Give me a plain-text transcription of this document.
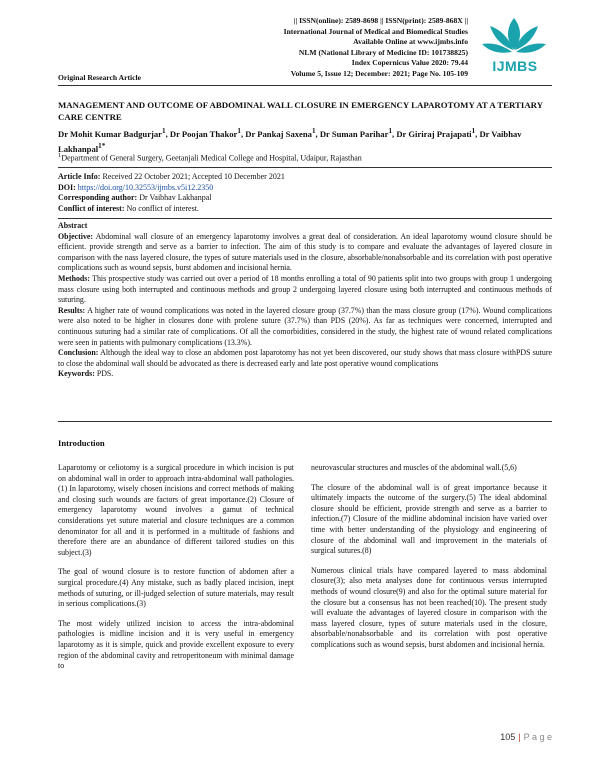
|| ISSN(online): 2589-8698 || ISSN(print): 2589-868X ||
International Journal of Medical and Biomedical Studies
Available Online at www.ijmbs.info
NLM (National Library of Medicine ID: 101738825)
Index Copernicus Value 2020: 79.44
Volume 5, Issue 12; December: 2021; Page No. 105-109	IJMBS
Original Research Article
MANAGEMENT AND OUTCOME OF ABDOMINAL WALL CLOSURE IN EMERGENCY LAPAROTOMY AT A TERTIARY CARE CENTRE
Dr Mohit Kumar Badgurjar$^1$, Dr Poojan Thakor$^1$, Dr Pankaj Saxena$^1$, Dr Suman Parihar$^1$, Dr Giriraj Prajapati$^1$, Dr Vaibhav Lakhanpal$^{1*}$
$^1$Department of General Surgery, Geetanjali Medical College and Hospital, Udaipur, Rajasthan
Article Info: Received 22 October 2021; Accepted 10 December 2021
DOI: https://doi.org/10.32553/ijmbs.v5i12.2350
Corresponding author: Dr Vaibhav Lakhanpal
Conflict of interest: No conflict of interest.

Abstract

Objective: Abdominal wall closure of an emergency laparotomy involves a great deal of consideration. An ideal laparotomy wound closure should be efficient. provide strength and serve as a barrier to infection. The aim of this study is to compare and evaluate the advantages of layered closure in comparison with the nass layered closure, the types of suture materials used in the closure, absorbable/nonabsorbable and its correlation with post operative complications such as wound sepsis, burst abdomen and incisional hernia.

Methods: This prospective study was carried out over a period of 18 months enrolling a total of 90 patients split into two groups with group 1 undergoing mass closure using both interrupted and continuous methods and group 2 undergoing layered closure using both interrupted and continuous methods of suturing.

Results: A higher rate of wound complications was noted in the layered closure group (37.7%) than the mass closure group (17%). Wound complications were also noted to be higher in closures done with prolene suture (37.7%) than PDS (20%). As far as techniques were concerned, interrupted and continuous suturing had a similar rate of complications. Of all the comorbidities, considered in the study, the highest rate of wound related complications were seen in patients with pulmonary complications (13.3%).

Conclusion: Although the ideal way to close an abdomen post laparotomy has not yet been discovered, our study shows that mass closure withPDS suture to close the abdominal wall should be advocated as there is decreased early and late post operative wound complications

Keywords: PDS.

Introduction

Laparotomy or celiotomy is a surgical procedure in which incision is put on abdominal wall in order to approach intra-abdominal wall pathologies.(1) In laparotomy, wisely chosen incisions and correct methods of making and closing such wounds are factors of great importance.(2) Closure of emergency laparotomy wound involves a gamut of technical considerations yet suture material and closure techniques are a common denominator for all and it is performed in a multitude of fashions and therefore there are an abundance of different tailored studies on this subject.(3)

The goal of wound closure is to restore function of abdomen after a surgical procedure.(4) Any mistake, such as badly placed incision, inept methods of suturing, or ill-judged selection of suture materials, may result in serious complications.(3)

The most widely utilized incision to access the intra-abdominal pathologies is midline incision and it is very useful in emergency laparotomy as it is simple, quick and provide excellent exposure to every region of the abdominal cavity and retroperitoneum with minimal damage to

neurovascular structures and muscles of the abdominal wall.(5,6)

The closure of the abdominal wall is of great importance because it ultimately impacts the outcome of the surgery.(5) The ideal abdominal closure should be efficient, provide strength and serve as a barrier to infection.(7) Closure of the midline abdominal incision have varied over time with better understanding of the physiology and engineering of closure of the abdominal wall and improvement in the materials of surgical sutures.(8)

Numerous clinical trials have compared layered to mass abdominal closure(3); also meta analyses done for continuous versus interrupted methods of wound closure(9) and also for the optimal suture material for the closure but a consensus has not been reached(10). The present study will evaluate the advantages of layered closure in comparison with the mass layered closure, types of suture materials used in the closure, absorbable/nonabsorbable and its correlation with post operative complications such as wound sepsis, burst abdomen and incisional hernia.

105 | P a g e
